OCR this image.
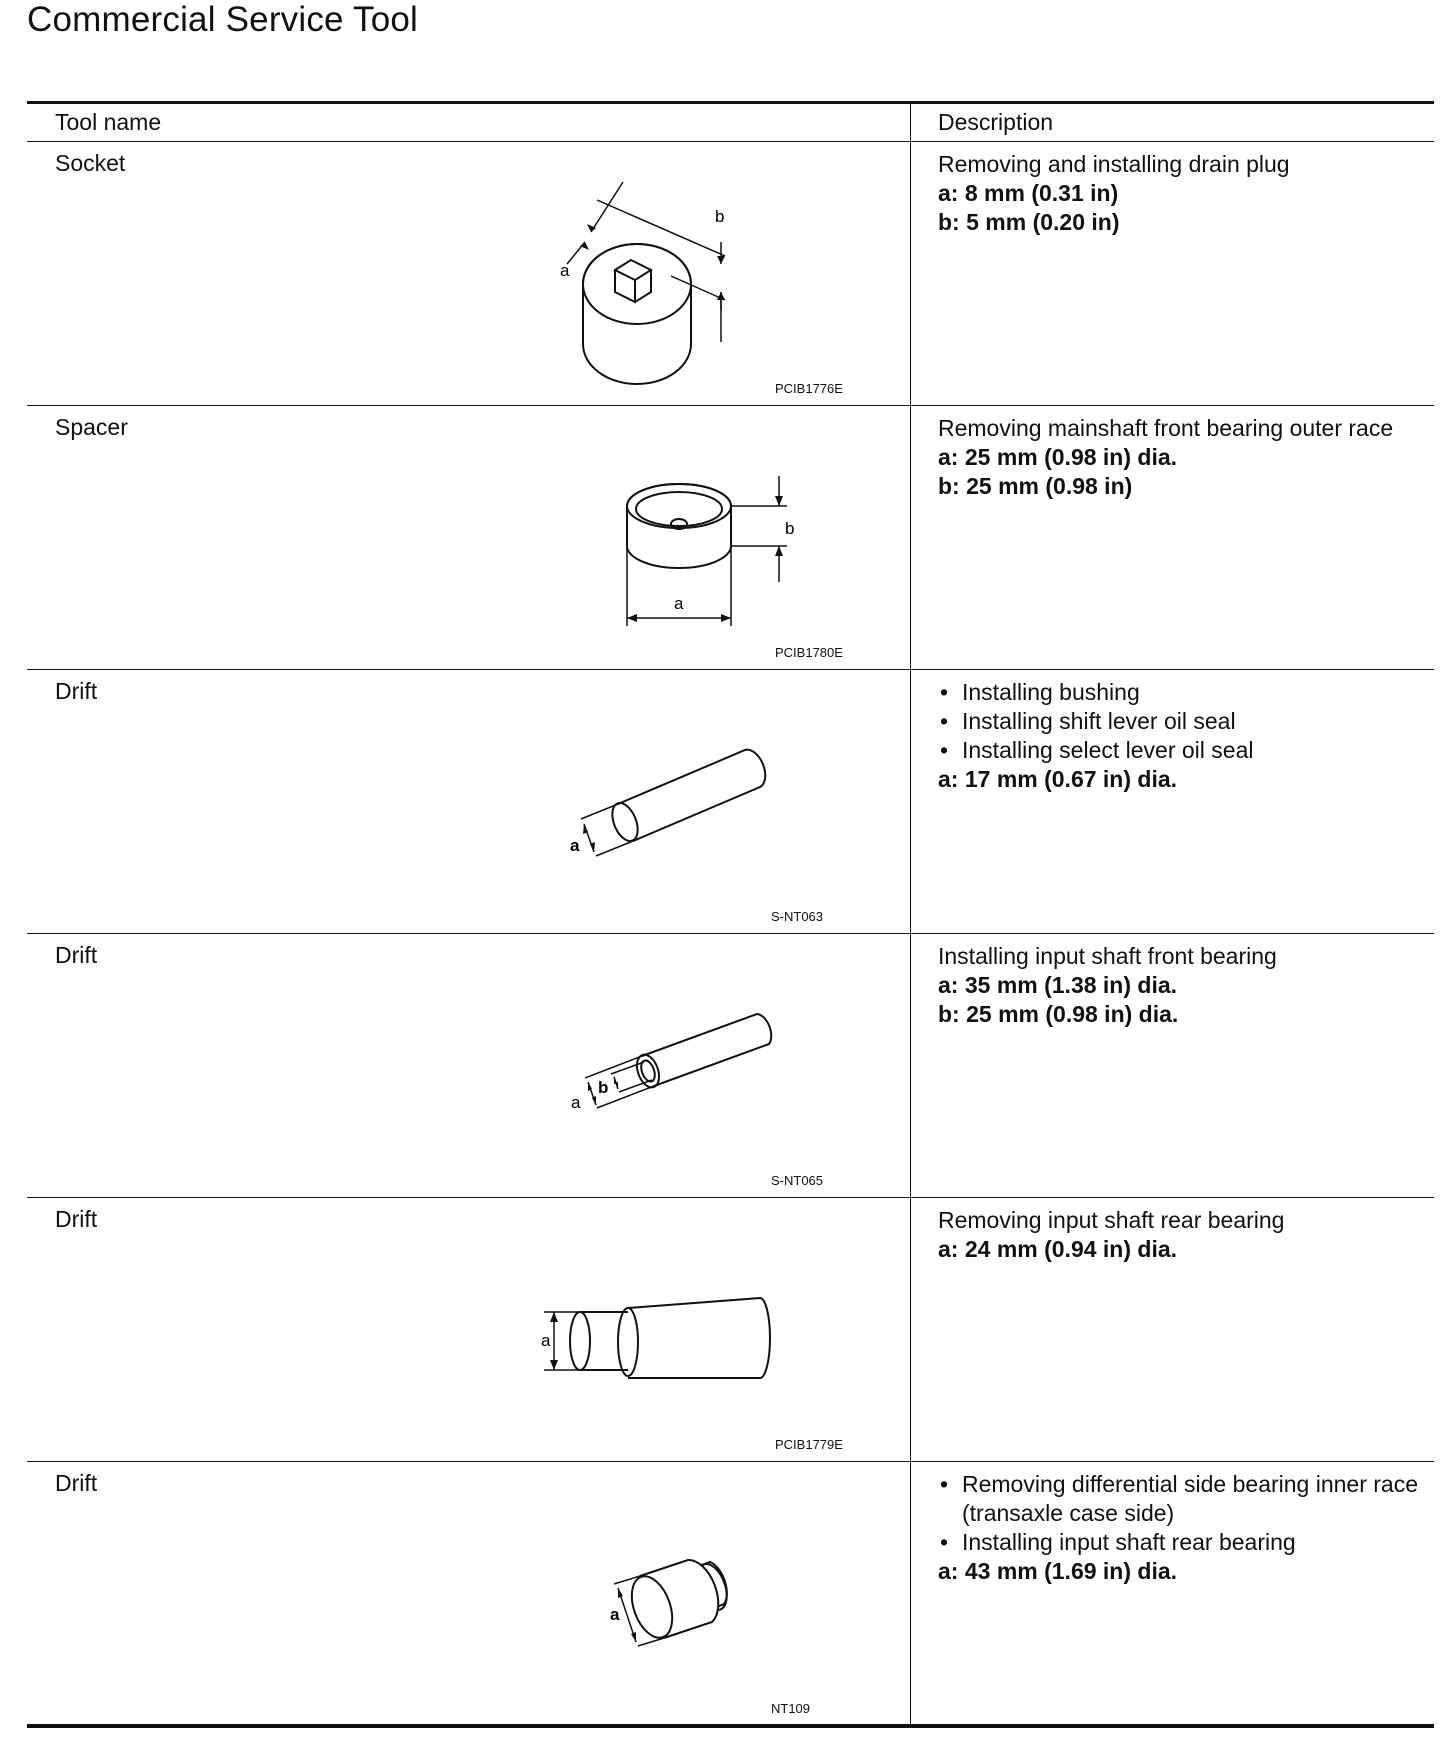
Commercial Service Tool
Tool name	Description
Socket
a
b
PCIB1776E
Removing and installing drain plug
a: 8 mm (0.31 in)
b: 5 mm (0.20 in)
Spacer
b
a
PCIB1780E
Removing mainshaft front bearing outer race
a: 25 mm (0.98 in) dia.
b: 25 mm (0.98 in)
Drift
a
S-NT063
• Installing bushing
• Installing shift lever oil seal
• Installing select lever oil seal
a: 17 mm (0.67 in) dia.
Drift
b
a
S-NT065
Installing input shaft front bearing
a: 35 mm (1.38 in) dia.
b: 25 mm (0.98 in) dia.
Drift
a
PCIB1779E
Removing input shaft rear bearing
a: 24 mm (0.94 in) dia.
Drift
a
NT109
• Removing differential side bearing inner race (transaxle case side)
• Installing input shaft rear bearing
a: 43 mm (1.69 in) dia.
